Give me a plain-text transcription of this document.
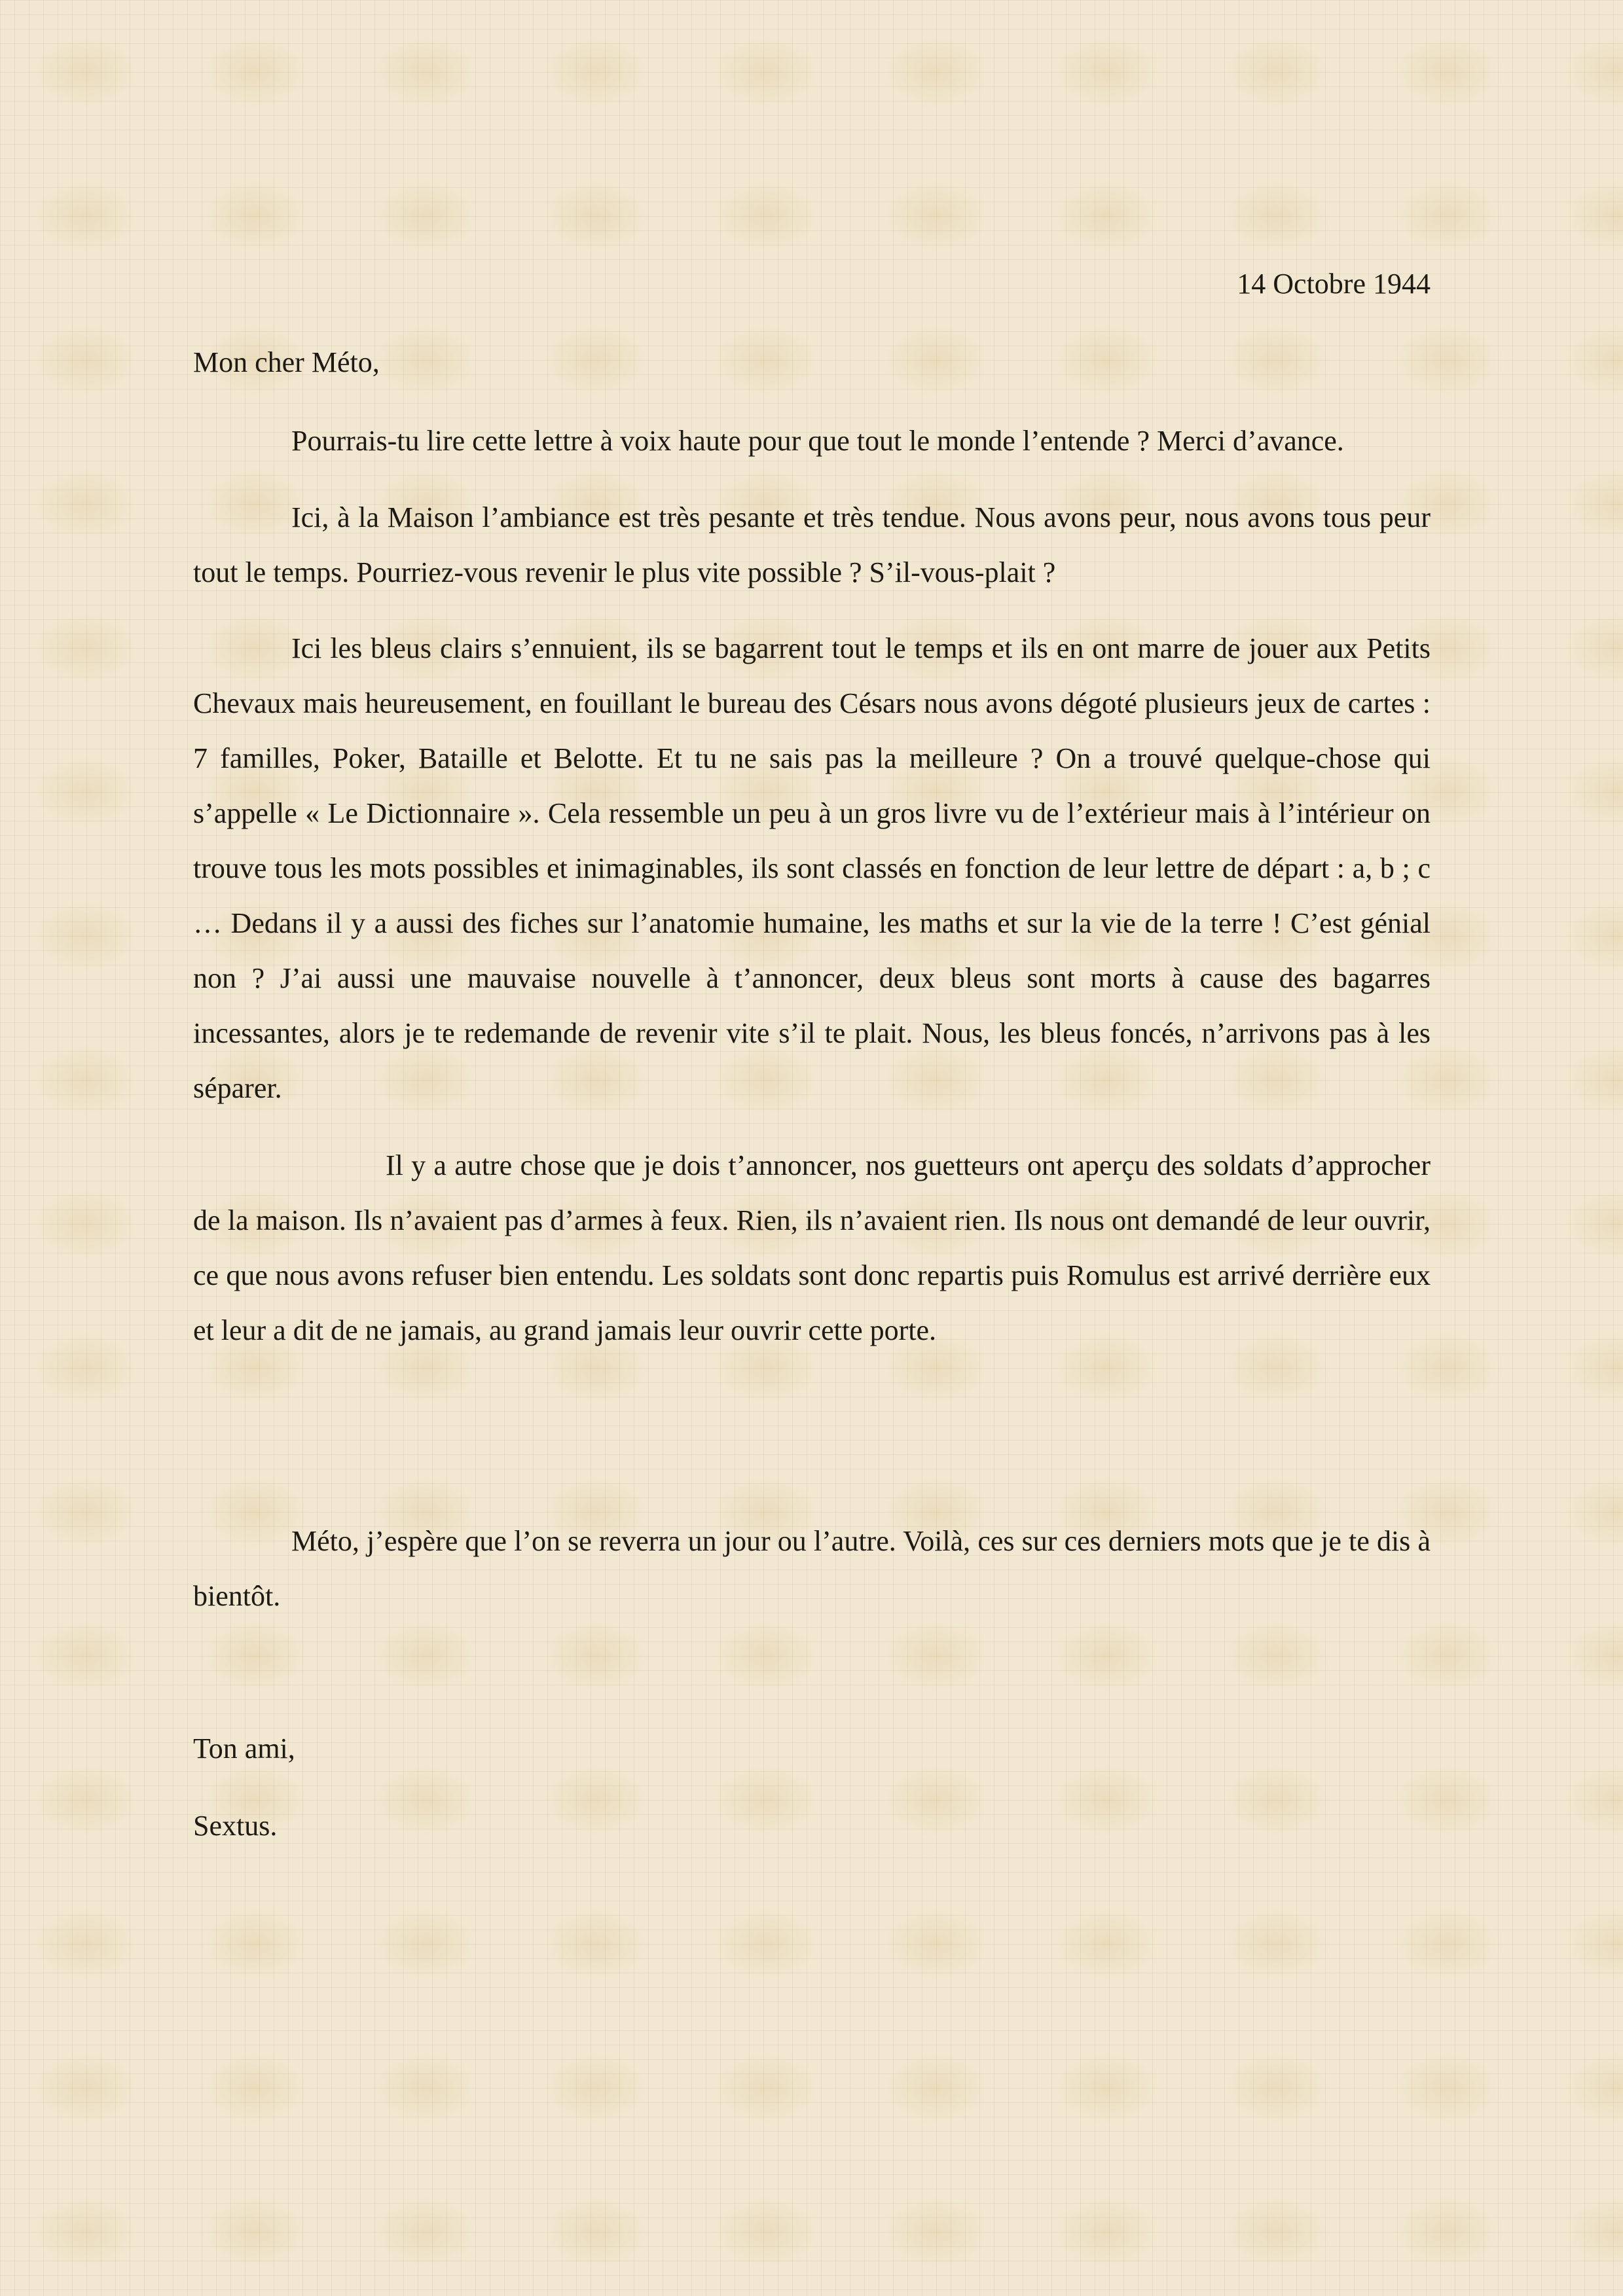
14 Octobre 1944

Mon cher Méto,

Pourrais-tu lire cette lettre à voix haute pour que tout le monde l’entende ? Merci d’avance.

Ici, à la Maison l’ambiance est très pesante et très tendue. Nous avons peur, nous avons tous peur tout le temps. Pourriez-vous revenir le plus vite possible ? S’il-vous-plait ?

Ici les bleus clairs s’ennuient, ils se bagarrent tout le temps et ils en ont marre de jouer aux Petits Chevaux mais heureusement, en fouillant le bureau des Césars nous avons dégoté plusieurs jeux de cartes : 7 familles, Poker, Bataille et Belotte. Et tu ne sais pas la meilleure ? On a trouvé quelque-chose qui s’appelle « Le Dictionnaire ». Cela ressemble un peu à un gros livre vu de l’extérieur mais à l’intérieur on trouve tous les mots possibles et inimaginables, ils sont classés en fonction de leur lettre de départ : a, b ; c … Dedans il y a aussi des fiches sur l’anatomie humaine, les maths et sur la vie de la terre ! C’est génial non ? J’ai aussi une mauvaise nouvelle à t’annoncer, deux bleus sont morts à cause des bagarres incessantes, alors je te redemande de revenir vite s’il te plait. Nous, les bleus foncés, n’arrivons pas à les séparer.

Il y a autre chose que je dois t’annoncer, nos guetteurs ont aperçu des soldats d’approcher de la maison. Ils n’avaient pas d’armes à feux. Rien, ils n’avaient rien. Ils nous ont demandé de leur ouvrir, ce que nous avons refuser bien entendu. Les soldats sont donc repartis puis Romulus est arrivé derrière eux et leur a dit de ne jamais, au grand jamais leur ouvrir cette porte.

Méto, j’espère que l’on se reverra un jour ou l’autre. Voilà, ces sur ces derniers mots que je te dis à bientôt.

Ton ami,

Sextus.
